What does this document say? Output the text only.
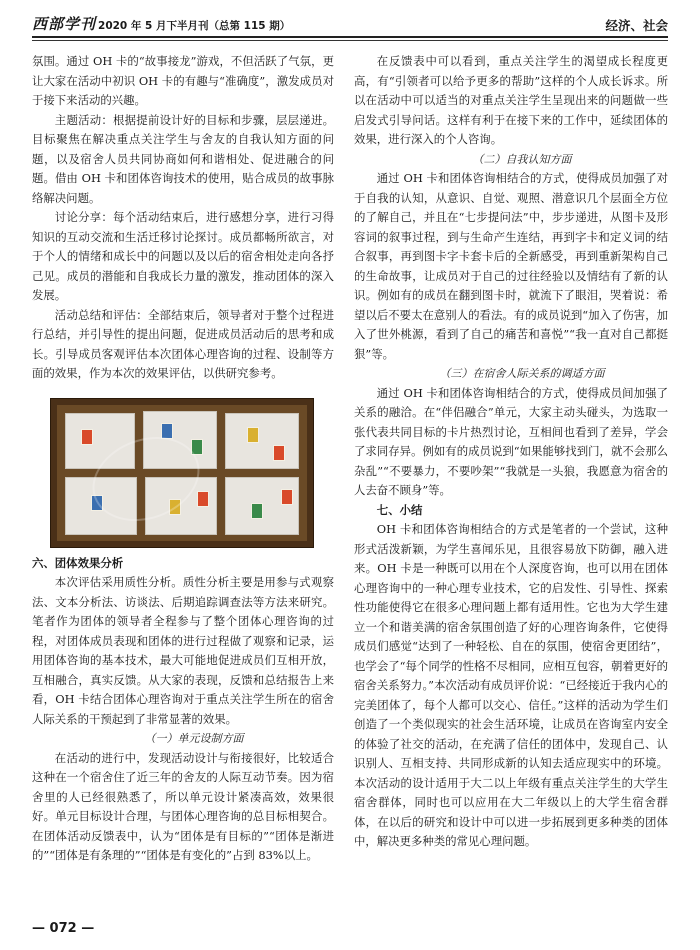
西部学刊 2020 年 5 月下半月刊（总第 115 期）	经济、社会

氛围。通过 OH 卡的“故事接龙”游戏，不但活跃了气氛，更让大家在活动中初识 OH 卡的有趣与“准确度”，激发成员对于接下来活动的兴趣。

主题活动：根据提前设计好的目标和步骤，层层递进。目标聚焦在解决重点关注学生与舍友的自我认知方面的问题，以及宿舍人员共同协商如何和谐相处、促进融合的问题。借由 OH 卡和团体咨询技术的使用，贴合成员的故事脉络解决问题。

讨论分享：每个活动结束后，进行感想分享，进行习得知识的互动交流和生活迁移讨论探讨。成员都畅所欲言，对于个人的情绪和成长中的问题以及以后的宿舍相处走向各抒己见。成员的潜能和自我成长力量的激发，推动团体的深入发展。

活动总结和评估：全部结束后，领导者对于整个过程进行总结，并引导性的提出问题，促进成员活动后的思考和成长。引导成员客观评估本次团体心理咨询的过程、设制等方面的效果，作为本次的效果评估，以供研究参考。

六、团体效果分析

本次评估采用质性分析。质性分析主要是用参与式观察法、文本分析法、访谈法、后期追踪调查法等方法来研究。笔者作为团体的领导者全程参与了整个团体心理咨询的过程，对团体成员表现和团体的进行过程做了观察和记录，运用团体咨询的基本技术，最大可能地促进成员们互相开放，互相融合，真实反馈。从大家的表现，反馈和总结报告上来看，OH 卡结合团体心理咨询对于重点关注学生所在的宿舍人际关系的干预起到了非常显著的效果。

（一）单元设制方面

在活动的进行中，发现活动设计与衔接很好，比较适合这种在一个宿舍住了近三年的舍友的人际互动节奏。因为宿舍里的人已经很熟悉了，所以单元设计紧凑高效，效果很好。单元目标设计合理，与团体心理咨询的总目标相契合。在团体活动反馈表中，认为“团体是有目标的”“团体是渐进的”“团体是有条理的”“团体是有变化的”占到 83%以上。

在反馈表中可以看到，重点关注学生的渴望成长程度更高，有“引领者可以给予更多的帮助”这样的个人成长诉求。所以在活动中可以适当的对重点关注学生呈现出来的问题做一些启发式引导问话。这样有利于在接下来的工作中，延续团体的效果，进行深入的个人咨询。

（二）自我认知方面

通过 OH 卡和团体咨询相结合的方式，使得成员加强了对于自我的认知，从意识、自觉、观照、潜意识几个层面全方位的了解自己，并且在“七步提问法”中，步步递进，从图卡及形容词的叙事过程，到与生命产生连结，再到字卡和定义词的结合叙事，再到图卡字卡套卡后的全新感受，再到重新架构自己的生命故事，让成员对于自己的过往经验以及情结有了新的认识。例如有的成员在翻到图卡时，就流下了眼泪，哭着说：希望以后不要太在意别人的看法。有的成员说到“加入了伤害，加入了世外桃源，看到了自己的痛苦和喜悦”“我一直对自己都挺狠”等。

（三）在宿舍人际关系的调适方面

通过 OH 卡和团体咨询相结合的方式，使得成员间加强了关系的融洽。在“伴侣融合”单元，大家主动头碰头，为选取一张代表共同目标的卡片热烈讨论，互相间也看到了差异，学会了求同存异。例如有的成员说到“如果能够找到门，就不会那么杂乱”“不要暴力，不要吵架”“我就是一头狼，我愿意为宿舍的人去奋不顾身”等。

七、小结

OH 卡和团体咨询相结合的方式是笔者的一个尝试，这种形式活泼新颖，为学生喜闻乐见，且很容易放下防御，融入进来。OH 卡是一种既可以用在个人深度咨询，也可以用在团体心理咨询中的一种心理专业技术，它的启发性、引导性、探索性功能使得它在很多心理问题上都有适用性。它也为大学生建立一个和谐美满的宿舍氛围创造了好的心理咨询条件，它使得成员们感觉“达到了一种轻松、自在的氛围，使宿舍更团结”，也学会了“每个同学的性格不尽相同，应相互包容，朝着更好的宿舍关系努力。”本次活动有成员评价说：“已经接近于我内心的完美团体了，每个人都可以交心、信任。”这样的活动为学生们创造了一个类似现实的社会生活环境，让成员在咨询室内安全的体验了社交的活动，在充满了信任的团体中，发现自己、认识别人、互相支持、共同形成新的认知去适应现实中的环境。本次活动的设计适用于大二以上年级有重点关注学生的大学生宿舍群体，同时也可以应用在大二年级以上的大学生宿舍群体，在以后的研究和设计中可以进一步拓展到更多种类的团体中，解决更多种类的常见心理问题。

— 072 —
